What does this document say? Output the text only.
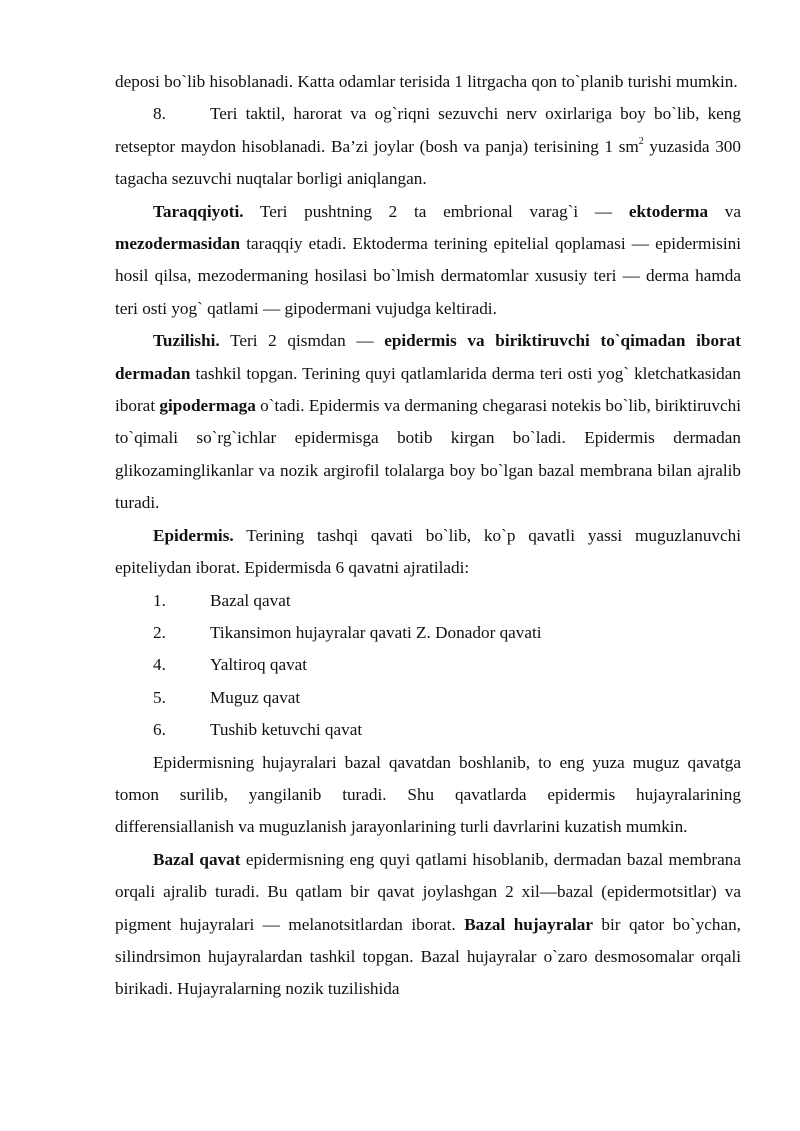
deposi bo`lib hisoblanadi. Katta odamlar terisida 1 litrgacha qon to`planib turishi mumkin.

8.	Teri taktil, harorat va og`riqni sezuvchi nerv oxirlariga boy bo`lib, keng retseptor maydon hisoblanadi. Ba’zi joylar (bosh va panja) terisining 1 $sm^2$ yuzasida 300 tagacha sezuvchi nuqtalar borligi aniqlangan.

Taraqqiyoti. Teri pushtning 2 ta embrional varag`i — ektoderma va mezodermasidan taraqqiy etadi. Ektoderma terining epitelial qoplamasi — epidermisini hosil qilsa, mezodermaning hosilasi bo`lmish dermatomlar xususiy teri — derma hamda teri osti yog` qatlami — gipodermani vujudga keltiradi.

Tuzilishi. Teri 2 qismdan — epidermis va biriktiruvchi to`qimadan iborat dermadan tashkil topgan. Terining quyi qatlamlarida derma teri osti yog` kletchatkasidan iborat gipodermaga o`tadi. Epidermis va dermaning chegarasi notekis bo`lib, biriktiruvchi to`qimali so`rg`ichlar epidermisga botib kirgan bo`ladi. Epidermis dermadan glikozaminglikanlar va nozik argirofil tolalarga boy bo`lgan bazal membrana bilan ajralib turadi.

Epidermis. Terining tashqi qavati bo`lib, ko`p qavatli yassi muguzlanuvchi epiteliydan iborat. Epidermisda 6 qavatni ajratiladi:

1.	Bazal qavat
2.	Tikansimon hujayralar qavati Z. Donador qavati
4.	Yaltiroq qavat
5.	Muguz qavat
6.	Tushib ketuvchi qavat

Epidermisning hujayralari bazal qavatdan boshlanib, to eng yuza muguz qavatga tomon surilib, yangilanib turadi. Shu qavatlarda epidermis hujayralarining differensiallanish va muguzlanish jarayonlarining turli davrlarini kuzatish mumkin.

Bazal qavat epidermisning eng quyi qatlami hisoblanib, dermadan bazal membrana orqali ajralib turadi. Bu qatlam bir qavat joylashgan 2 xil—bazal (epidermotsitlar) va pigment hujayralari — melanotsitlardan iborat. Bazal hujayralar bir qator bo`ychan, silindrsimon hujayralardan tashkil topgan. Bazal hujayralar o`zaro desmosomalar orqali birikadi. Hujayralarning nozik tuzilishida
